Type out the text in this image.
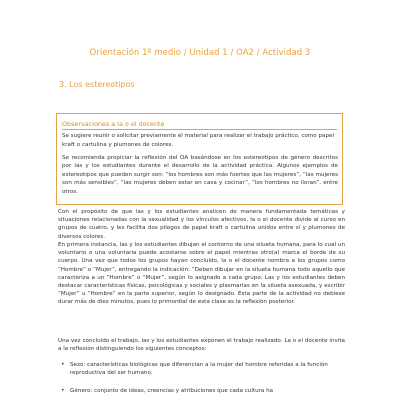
Orientación 1º medio / Unidad 1 / OA2 / Actividad 3
3. Los estereotipos
Observaciones a la o el docente

Se sugiere reunir o solicitar previamente el material para realizar el trabajo práctico, como papel kraft o cartulina y plumones de colores.

Se recomienda propiciar la reflexión del OA basándose en los estereotipos de género descritos por las y los estudiantes durante el desarrollo de la actividad práctica. Algunos ejemplos de estereotipos que pueden surgir son: “los hombres son más fuertes que las mujeres”, “las mujeres son más sensibles”, “las mujeres deben estar en casa y cocinar”, “los hombres no lloran”, entre otros.

Con el propósito de que las y los estudiantes analicen de manera fundamentada temáticas y situaciones relacionadas con la sexualidad y los vínculos afectivos, la o el docente divide al curso en grupos de cuatro, y les facilita dos pliegos de papel kraft o cartulina unidos entre sí y plumones de diversos colores.

En primera instancia, las y los estudiantes dibujan el contorno de una silueta humana, para lo cual un voluntario o una voluntaria puede acostarse sobre el papel mientras otro(a) marca el borde de su cuerpo. Una vez que todos los grupos hayan concluido, la o el docente nombra a los grupos como “Hombre” o “Mujer”, entregando la indicación: “Deben dibujar en la silueta humana todo aquello que caracteriza a un “Hombre” o “Mujer”, según lo asignado a cada grupo. Las y los estudiantes deben destacar características físicas, psicológicas y sociales y plasmarlas en la silueta asexuada, y escribir “Mujer” u “Hombre” en la parte superior, según lo designado. Esta parte de la actividad no debiese durar más de diez minutos, pues lo primordial de esta clase es la reflexión posterior.

Una vez concluido el trabajo, las y los estudiantes exponen el trabajo realizado. La o el docente invita a la reflexión distinguiendo los siguientes conceptos:

• Sexo: características biológicas que diferencian a la mujer del hombre referidas a la función reproductiva del ser humano.
• Género: conjunto de ideas, creencias y atribuciones que cada cultura ha
